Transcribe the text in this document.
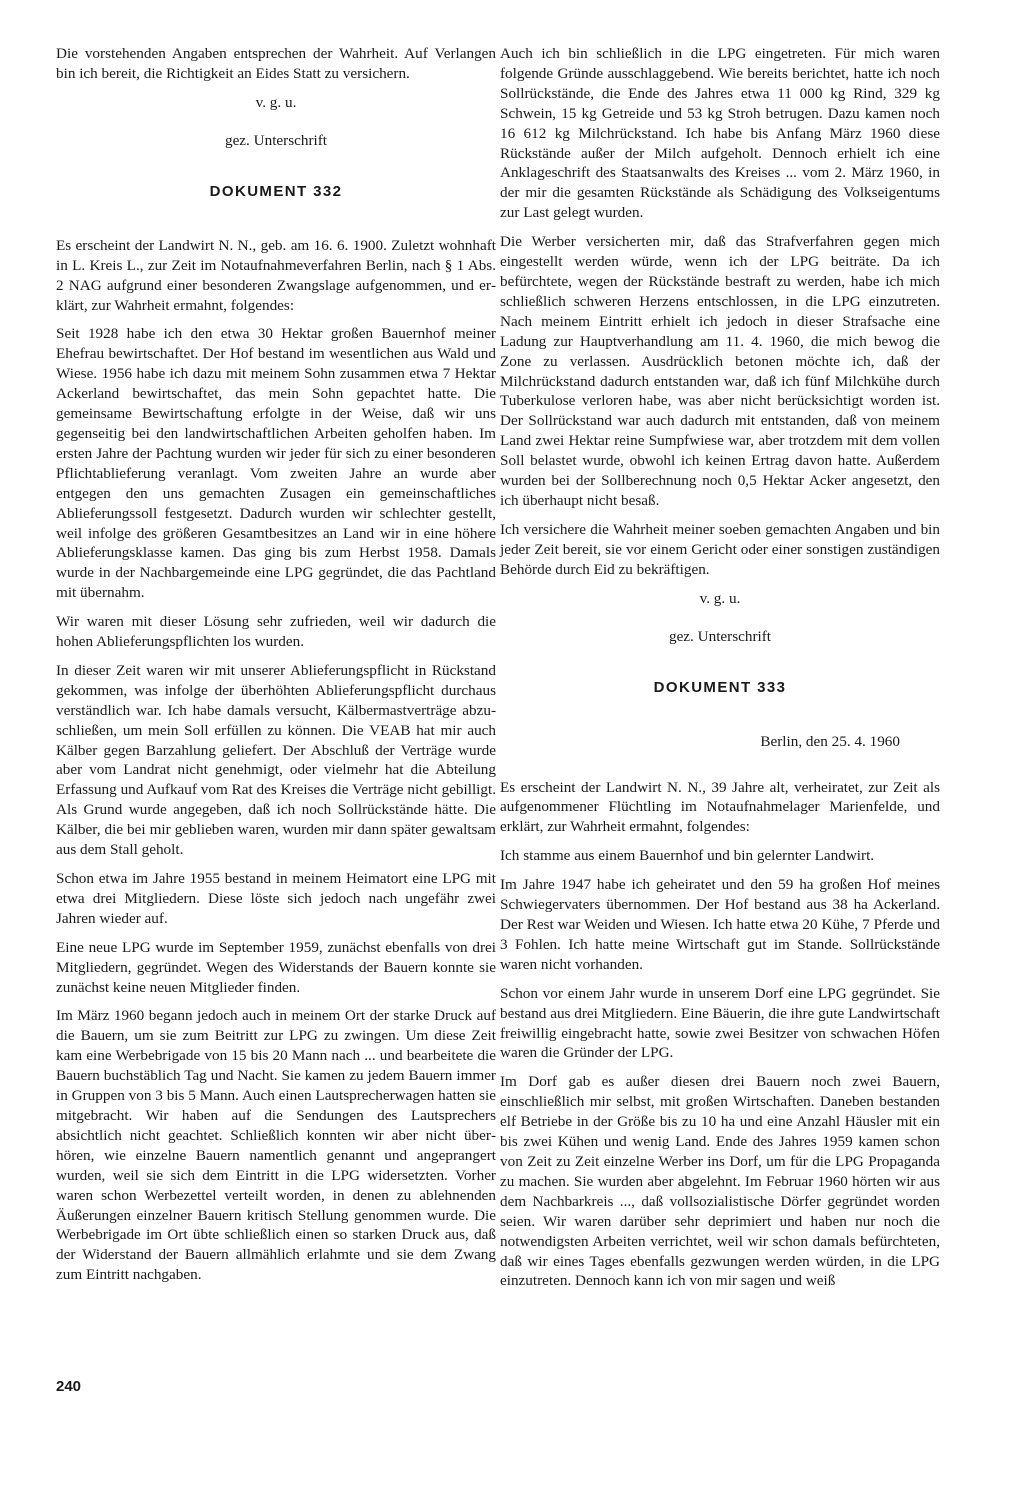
Die vorstehenden Angaben entsprechen der Wahrheit. Auf Verlangen bin ich bereit, die Richtigkeit an Eides Statt zu versichern.

v. g. u.
gez. Unterschrift
DOKUMENT 332

Es erscheint der Landwirt N. N., geb. am 16. 6. 1900. Zuletzt wohnhaft in L. Kreis L., zur Zeit im Notaufnahmeverfahren Berlin, nach § 1 Abs. 2 NAG aufgrund einer besonderen Zwangslage aufgenommen, und erklärt, zur Wahrheit ermahnt, folgendes:

Seit 1928 habe ich den etwa 30 Hektar großen Bauernhof meiner Ehefrau bewirtschaftet. Der Hof bestand im wesentlichen aus Wald und Wiese. 1956 habe ich dazu mit meinem Sohn zusammen etwa 7 Hektar Ackerland bewirtschaftet, das mein Sohn gepachtet hatte. Die gemeinsame Bewirtschaftung erfolgte in der Weise, daß wir uns gegenseitig bei den landwirtschaftlichen Arbeiten geholfen haben. Im ersten Jahre der Pachtung wurden wir jeder für sich zu einer besonderen Pflichtablieferung veranlagt. Vom zweiten Jahre an wurde aber entgegen den uns gemachten Zusagen ein gemeinschaftliches Ablieferungssoll festgesetzt. Dadurch wurden wir schlechter gestellt, weil infolge des größeren Gesamtbesitzes an Land wir in eine höhere Ablieferungsklasse kamen. Das ging bis zum Herbst 1958. Damals wurde in der Nachbargemeinde eine LPG gegründet, die das Pachtland mit übernahm.

Wir waren mit dieser Lösung sehr zufrieden, weil wir dadurch die hohen Ablieferungspflichten los wurden.

In dieser Zeit waren wir mit unserer Ablieferungspflicht in Rückstand gekommen, was infolge der überhöhten Ablieferungspflicht durchaus verständlich war. Ich habe damals versucht, Kälbermastverträge abzuschließen, um mein Soll erfüllen zu können. Die VEAB hat mir auch Kälber gegen Barzahlung geliefert. Der Abschluß der Verträge wurde aber vom Landrat nicht genehmigt, oder vielmehr hat die Abteilung Erfassung und Aufkauf vom Rat des Kreises die Verträge nicht gebilligt. Als Grund wurde angegeben, daß ich noch Sollrückstände hätte. Die Kälber, die bei mir geblieben waren, wurden mir dann später gewaltsam aus dem Stall geholt.

Schon etwa im Jahre 1955 bestand in meinem Heimatort eine LPG mit etwa drei Mitgliedern. Diese löste sich jedoch nach ungefähr zwei Jahren wieder auf.

Eine neue LPG wurde im September 1959, zunächst ebenfalls von drei Mitgliedern, gegründet. Wegen des Widerstands der Bauern konnte sie zunächst keine neuen Mitglieder finden.

Im März 1960 begann jedoch auch in meinem Ort der starke Druck auf die Bauern, um sie zum Beitritt zur LPG zu zwingen. Um diese Zeit kam eine Werbebrigade von 15 bis 20 Mann nach ... und bearbeitete die Bauern buchstäblich Tag und Nacht. Sie kamen zu jedem Bauern immer in Gruppen von 3 bis 5 Mann. Auch einen Lautsprecherwagen hatten sie mitgebracht. Wir haben auf die Sendungen des Lautsprechers absichtlich nicht geachtet. Schließlich konnten wir aber nicht überhören, wie einzelne Bauern namentlich genannt und angeprangert wurden, weil sie sich dem Eintritt in die LPG widersetzten. Vorher waren schon Werbezettel verteilt worden, in denen zu ablehnenden Äußerungen einzelner Bauern kritisch Stellung genommen wurde. Die Werbebrigade im Ort übte schließlich einen so starken Druck aus, daß der Widerstand der Bauern allmählich erlahmte und sie dem Zwang zum Eintritt nachgaben.

Auch ich bin schließlich in die LPG eingetreten. Für mich waren folgende Gründe ausschlaggebend. Wie bereits berichtet, hatte ich noch Sollrückstände, die Ende des Jahres etwa 11 000 kg Rind, 329 kg Schwein, 15 kg Getreide und 53 kg Stroh betrugen. Dazu kamen noch 16 612 kg Milchrückstand. Ich habe bis Anfang März 1960 diese Rückstände außer der Milch aufgeholt. Dennoch erhielt ich eine Anklageschrift des Staatsanwalts des Kreises ... vom 2. März 1960, in der mir die gesamten Rückstände als Schädigung des Volkseigentums zur Last gelegt wurden.

Die Werber versicherten mir, daß das Strafverfahren gegen mich eingestellt werden würde, wenn ich der LPG beiträte. Da ich befürchtete, wegen der Rückstände bestraft zu werden, habe ich mich schließlich schweren Herzens entschlossen, in die LPG einzutreten. Nach meinem Eintritt erhielt ich jedoch in dieser Strafsache eine Ladung zur Hauptverhandlung am 11. 4. 1960, die mich bewog die Zone zu verlassen. Ausdrücklich betonen möchte ich, daß der Milchrückstand dadurch entstanden war, daß ich fünf Milchkühe durch Tuberkulose verloren habe, was aber nicht berücksichtigt worden ist. Der Sollrückstand war auch dadurch mit entstanden, daß von meinem Land zwei Hektar reine Sumpfwiese war, aber trotzdem mit dem vollen Soll belastet wurde, obwohl ich keinen Ertrag davon hatte. Außerdem wurden bei der Sollberechnung noch 0,5 Hektar Acker angesetzt, den ich überhaupt nicht besaß.

Ich versichere die Wahrheit meiner soeben gemachten Angaben und bin jeder Zeit bereit, sie vor einem Gericht oder einer sonstigen zuständigen Behörde durch Eid zu bekräftigen.

v. g. u.
gez. Unterschrift
DOKUMENT 333
Berlin, den 25. 4. 1960

Es erscheint der Landwirt N. N., 39 Jahre alt, verheiratet, zur Zeit als aufgenommener Flüchtling im Notaufnahmelager Marienfelde, und erklärt, zur Wahrheit ermahnt, folgendes:

Ich stamme aus einem Bauernhof und bin gelernter Landwirt.

Im Jahre 1947 habe ich geheiratet und den 59 ha großen Hof meines Schwiegervaters übernommen. Der Hof bestand aus 38 ha Ackerland. Der Rest war Weiden und Wiesen. Ich hatte etwa 20 Kühe, 7 Pferde und 3 Fohlen. Ich hatte meine Wirtschaft gut im Stande. Sollrückstände waren nicht vorhanden.

Schon vor einem Jahr wurde in unserem Dorf eine LPG gegründet. Sie bestand aus drei Mitgliedern. Eine Bäuerin, die ihre gute Landwirtschaft freiwillig eingebracht hatte, sowie zwei Besitzer von schwachen Höfen waren die Gründer der LPG.

Im Dorf gab es außer diesen drei Bauern noch zwei Bauern, einschließlich mir selbst, mit großen Wirtschaften. Daneben bestanden elf Betriebe in der Größe bis zu 10 ha und eine Anzahl Häusler mit ein bis zwei Kühen und wenig Land. Ende des Jahres 1959 kamen schon von Zeit zu Zeit einzelne Werber ins Dorf, um für die LPG Propaganda zu machen. Sie wurden aber abgelehnt. Im Februar 1960 hörten wir aus dem Nachbarkreis ..., daß vollsozialistische Dörfer gegründet worden seien. Wir waren darüber sehr deprimiert und haben nur noch die notwendigsten Arbeiten verrichtet, weil wir schon damals befürchteten, daß wir eines Tages ebenfalls gezwungen werden würden, in die LPG einzutreten. Dennoch kann ich von mir sagen und weiß

240
